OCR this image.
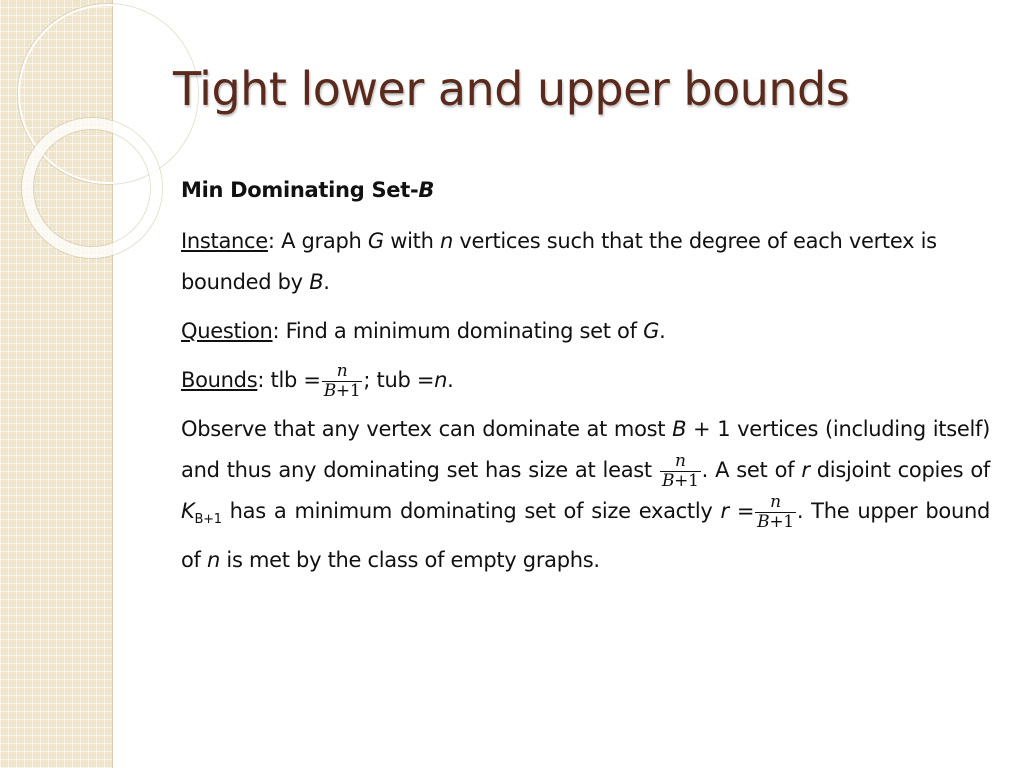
Tight lower and upper bounds

Min Dominating Set-B

Instance: A graph G with n vertices such that the degree of each vertex is bounded by B.

Question: Find a minimum dominating set of G.

Bounds: tlb = $\frac{n}{B+1}$ ; tub =n.

Observe that any vertex can dominate at most B + 1 vertices (including itself) and thus any dominating set has size at least $\frac{n}{B+1}$ . A set of r disjoint copies of $K_{B+1}$ has a minimum dominating set of size exactly $r = \frac{n}{B+1}$ . The upper bound of n is met by the class of empty graphs.
